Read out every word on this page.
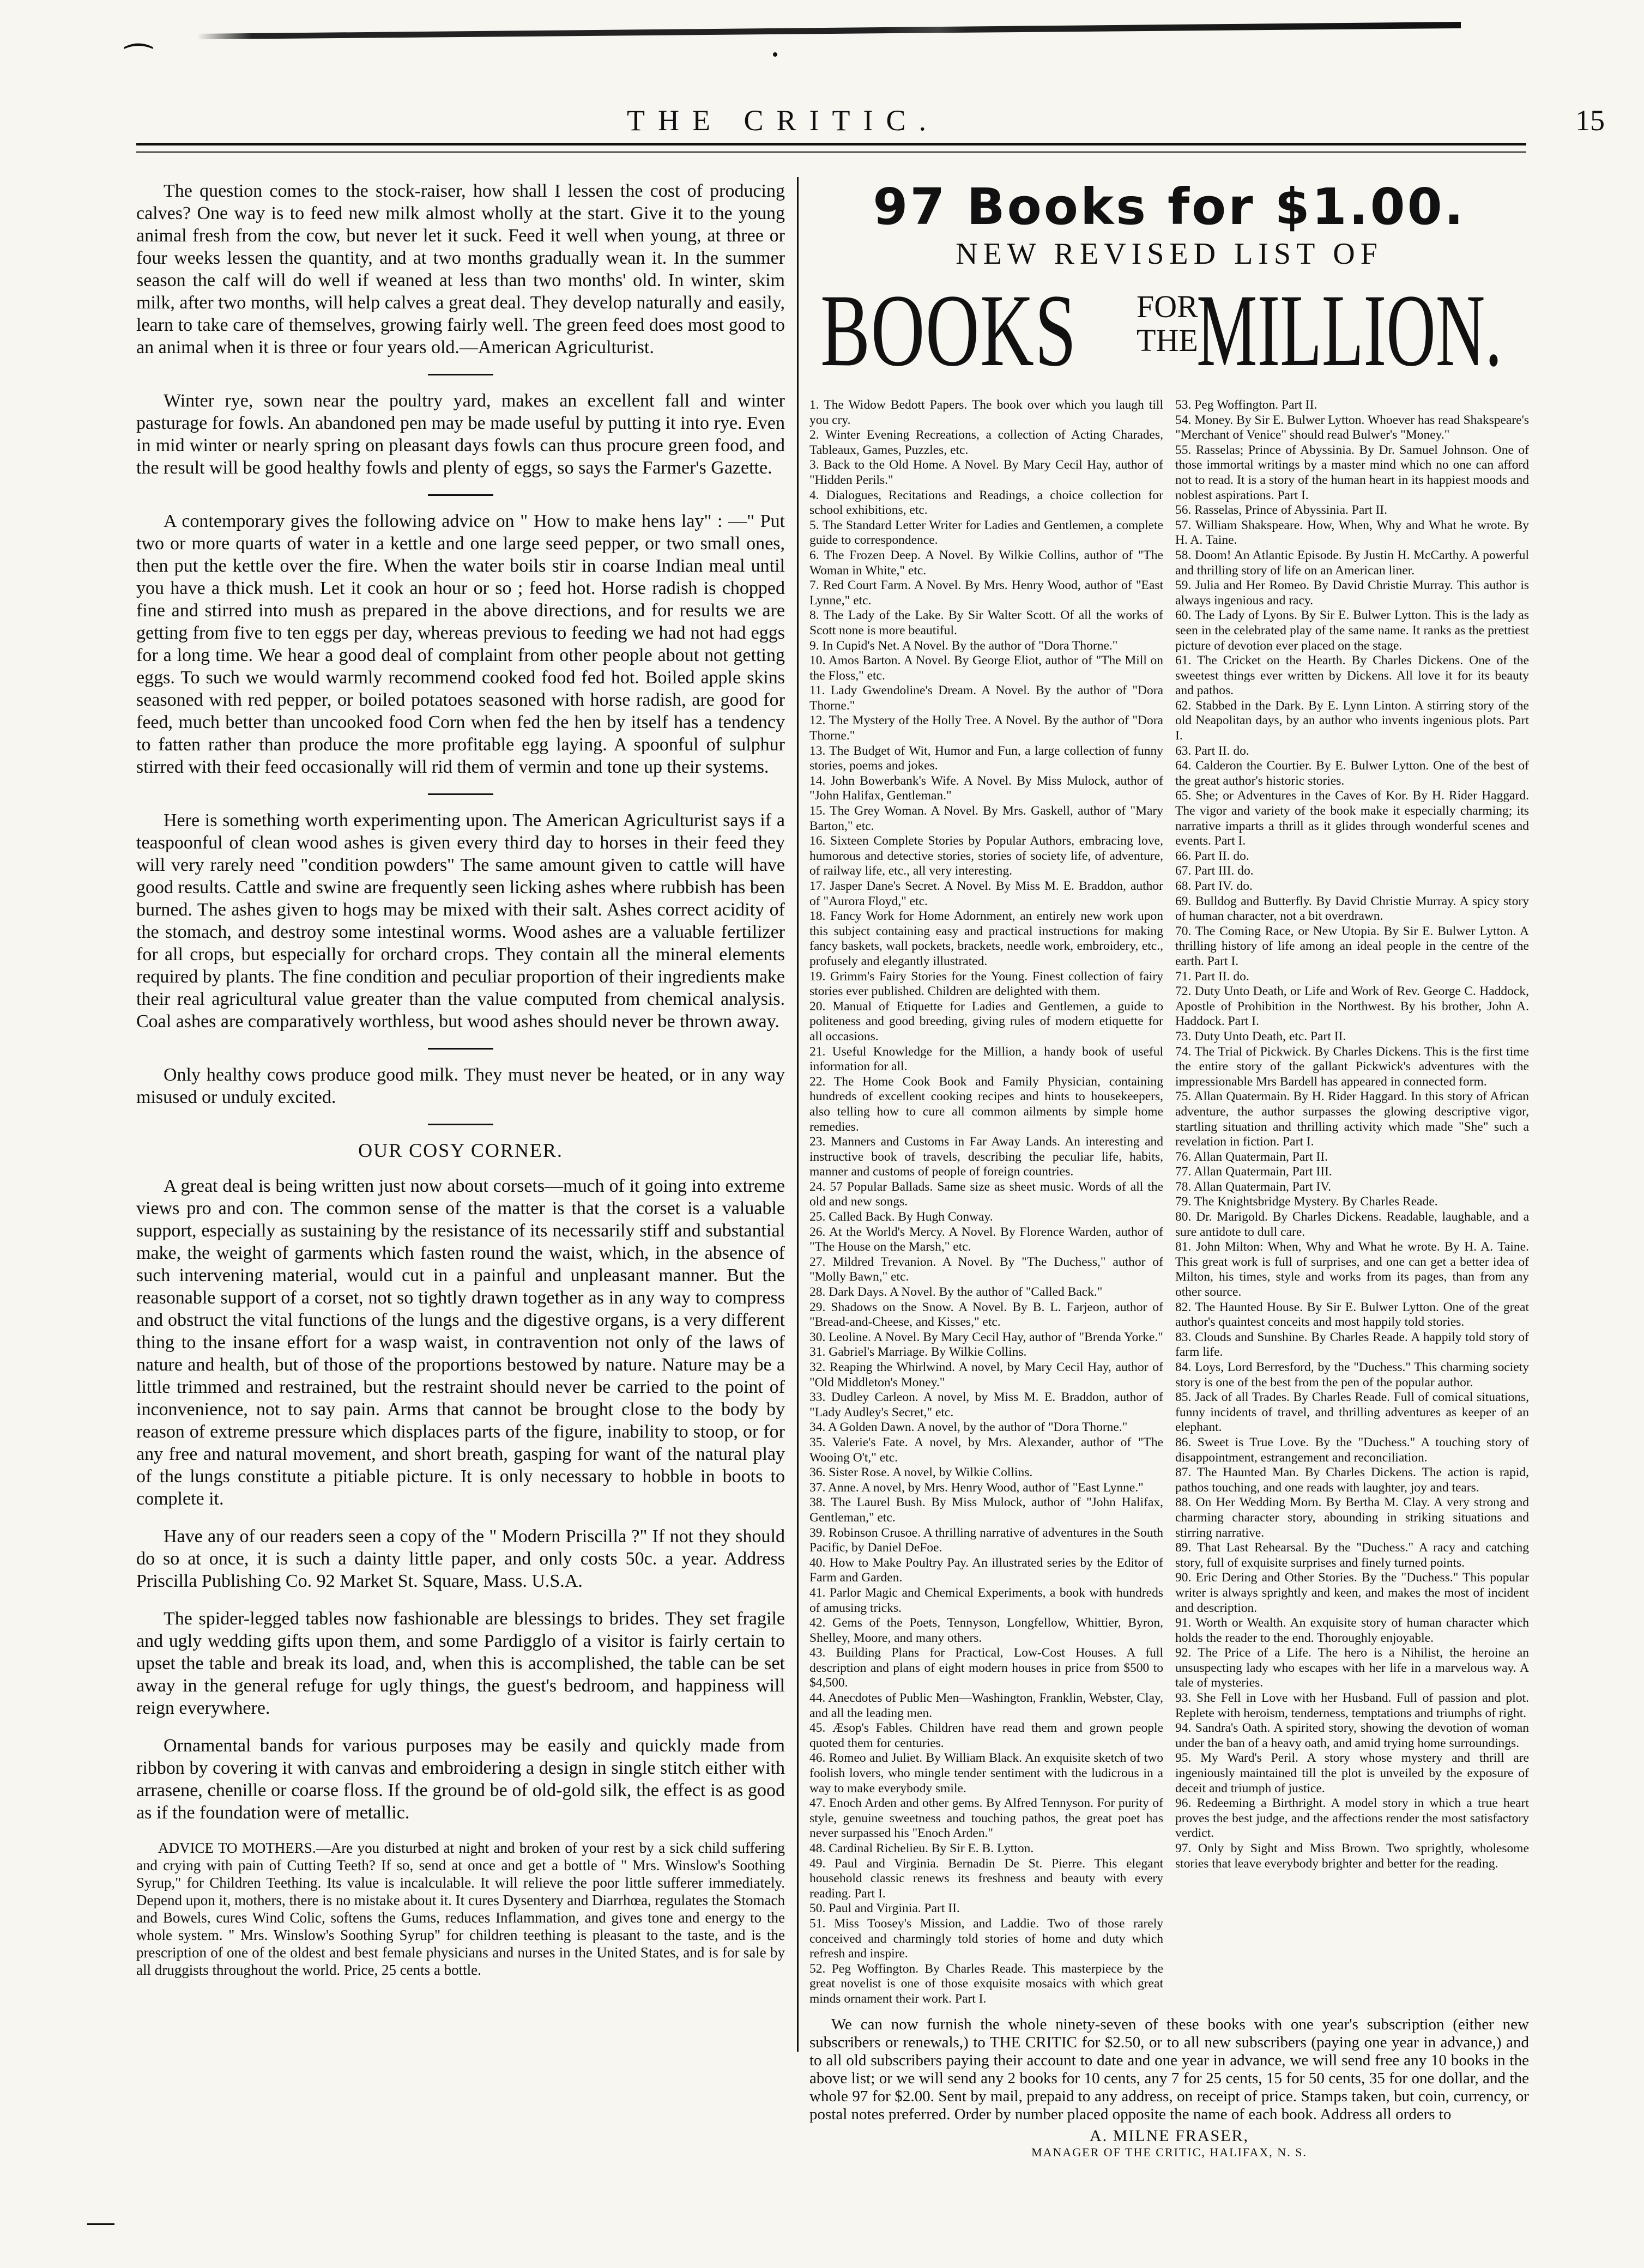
⁀
THE CRITIC.	15

The question comes to the stock-raiser, how shall I lessen the cost of producing calves? One way is to feed new milk almost wholly at the start. Give it to the young animal fresh from the cow, but never let it suck. Feed it well when young, at three or four weeks lessen the quantity, and at two months gradually wean it. In the summer season the calf will do well if weaned at less than two months' old. In winter, skim milk, after two months, will help calves a great deal. They develop naturally and easily, learn to take care of themselves, growing fairly well. The green feed does most good to an animal when it is three or four years old.—American Agriculturist.

Winter rye, sown near the poultry yard, makes an excellent fall and winter pasturage for fowls. An abandoned pen may be made useful by putting it into rye. Even in mid winter or nearly spring on pleasant days fowls can thus procure green food, and the result will be good healthy fowls and plenty of eggs, so says the Farmer's Gazette.

A contemporary gives the following advice on " How to make hens lay" : —" Put two or more quarts of water in a kettle and one large seed pepper, or two small ones, then put the kettle over the fire. When the water boils stir in coarse Indian meal until you have a thick mush. Let it cook an hour or so ; feed hot. Horse radish is chopped fine and stirred into mush as prepared in the above directions, and for results we are getting from five to ten eggs per day, whereas previous to feeding we had not had eggs for a long time. We hear a good deal of complaint from other people about not getting eggs. To such we would warmly recommend cooked food fed hot. Boiled apple skins seasoned with red pepper, or boiled potatoes seasoned with horse radish, are good for feed, much better than uncooked food Corn when fed the hen by itself has a tendency to fatten rather than produce the more profitable egg laying. A spoonful of sulphur stirred with their feed occasionally will rid them of vermin and tone up their systems.

Here is something worth experimenting upon. The American Agriculturist says if a teaspoonful of clean wood ashes is given every third day to horses in their feed they will very rarely need "condition powders" The same amount given to cattle will have good results. Cattle and swine are frequently seen licking ashes where rubbish has been burned. The ashes given to hogs may be mixed with their salt. Ashes correct acidity of the stomach, and destroy some intestinal worms. Wood ashes are a valuable fertilizer for all crops, but especially for orchard crops. They contain all the mineral elements required by plants. The fine condition and peculiar proportion of their ingredients make their real agricultural value greater than the value computed from chemical analysis. Coal ashes are comparatively worthless, but wood ashes should never be thrown away.

Only healthy cows produce good milk. They must never be heated, or in any way misused or unduly excited.

OUR COSY CORNER.

A great deal is being written just now about corsets—much of it going into extreme views pro and con. The common sense of the matter is that the corset is a valuable support, especially as sustaining by the resistance of its necessarily stiff and substantial make, the weight of garments which fasten round the waist, which, in the absence of such intervening material, would cut in a painful and unpleasant manner. But the reasonable support of a corset, not so tightly drawn together as in any way to compress and obstruct the vital functions of the lungs and the digestive organs, is a very different thing to the insane effort for a wasp waist, in contravention not only of the laws of nature and health, but of those of the proportions bestowed by nature. Nature may be a little trimmed and restrained, but the restraint should never be carried to the point of inconvenience, not to say pain. Arms that cannot be brought close to the body by reason of extreme pressure which displaces parts of the figure, inability to stoop, or for any free and natural movement, and short breath, gasping for want of the natural play of the lungs constitute a pitiable picture. It is only necessary to hobble in boots to complete it.

Have any of our readers seen a copy of the " Modern Priscilla ?" If not they should do so at once, it is such a dainty little paper, and only costs 50c. a year. Address Priscilla Publishing Co. 92 Market St. Square, Mass. U.S.A.

The spider-legged tables now fashionable are blessings to brides. They set fragile and ugly wedding gifts upon them, and some Pardigglo of a visitor is fairly certain to upset the table and break its load, and, when this is accomplished, the table can be set away in the general refuge for ugly things, the guest's bedroom, and happiness will reign everywhere.

Ornamental bands for various purposes may be easily and quickly made from ribbon by covering it with canvas and embroidering a design in single stitch either with arrasene, chenille or coarse floss. If the ground be of old-gold silk, the effect is as good as if the foundation were of metallic.

ADVICE TO MOTHERS.—Are you disturbed at night and broken of your rest by a sick child suffering and crying with pain of Cutting Teeth? If so, send at once and get a bottle of " Mrs. Winslow's Soothing Syrup," for Children Teething. Its value is incalculable. It will relieve the poor little sufferer immediately. Depend upon it, mothers, there is no mistake about it. It cures Dysentery and Diarrhœa, regulates the Stomach and Bowels, cures Wind Colic, softens the Gums, reduces Inflammation, and gives tone and energy to the whole system. " Mrs. Winslow's Soothing Syrup" for children teething is pleasant to the taste, and is the prescription of one of the oldest and best female physicians and nurses in the United States, and is for sale by all druggists throughout the world. Price, 25 cents a bottle.

97 Books for $1.00.
NEW REVISED LIST OF
BOOKS FOR
THE
MILLION.
1. The Widow Bedott Papers. The book over which you laugh till you cry.
2. Winter Evening Recreations, a collection of Acting Charades, Tableaux, Games, Puzzles, etc.
3. Back to the Old Home. A Novel. By Mary Cecil Hay, author of "Hidden Perils."
4. Dialogues, Recitations and Readings, a choice collection for school exhibitions, etc.
5. The Standard Letter Writer for Ladies and Gentlemen, a complete guide to correspondence.
6. The Frozen Deep. A Novel. By Wilkie Collins, author of "The Woman in White," etc.
7. Red Court Farm. A Novel. By Mrs. Henry Wood, author of "East Lynne," etc.
8. The Lady of the Lake. By Sir Walter Scott. Of all the works of Scott none is more beautiful.
9. In Cupid's Net. A Novel. By the author of "Dora Thorne."
10. Amos Barton. A Novel. By George Eliot, author of "The Mill on the Floss," etc.
11. Lady Gwendoline's Dream. A Novel. By the author of "Dora Thorne."
12. The Mystery of the Holly Tree. A Novel. By the author of "Dora Thorne."
13. The Budget of Wit, Humor and Fun, a large collection of funny stories, poems and jokes.
14. John Bowerbank's Wife. A Novel. By Miss Mulock, author of "John Halifax, Gentleman."
15. The Grey Woman. A Novel. By Mrs. Gaskell, author of "Mary Barton," etc.
16. Sixteen Complete Stories by Popular Authors, embracing love, humorous and detective stories, stories of society life, of adventure, of railway life, etc., all very interesting.
17. Jasper Dane's Secret. A Novel. By Miss M. E. Braddon, author of "Aurora Floyd," etc.
18. Fancy Work for Home Adornment, an entirely new work upon this subject containing easy and practical instructions for making fancy baskets, wall pockets, brackets, needle work, embroidery, etc., profusely and elegantly illustrated.
19. Grimm's Fairy Stories for the Young. Finest collection of fairy stories ever published. Children are delighted with them.
20. Manual of Etiquette for Ladies and Gentlemen, a guide to politeness and good breeding, giving rules of modern etiquette for all occasions.
21. Useful Knowledge for the Million, a handy book of useful information for all.
22. The Home Cook Book and Family Physician, containing hundreds of excellent cooking recipes and hints to housekeepers, also telling how to cure all common ailments by simple home remedies.
23. Manners and Customs in Far Away Lands. An interesting and instructive book of travels, describing the peculiar life, habits, manner and customs of people of foreign countries.
24. 57 Popular Ballads. Same size as sheet music. Words of all the old and new songs.
25. Called Back. By Hugh Conway.
26. At the World's Mercy. A Novel. By Florence Warden, author of "The House on the Marsh," etc.
27. Mildred Trevanion. A Novel. By "The Duchess," author of "Molly Bawn," etc.
28. Dark Days. A Novel. By the author of "Called Back."
29. Shadows on the Snow. A Novel. By B. L. Farjeon, author of "Bread-and-Cheese, and Kisses," etc.
30. Leoline. A Novel. By Mary Cecil Hay, author of "Brenda Yorke."
31. Gabriel's Marriage. By Wilkie Collins.
32. Reaping the Whirlwind. A novel, by Mary Cecil Hay, author of "Old Middleton's Money."
33. Dudley Carleon. A novel, by Miss M. E. Braddon, author of "Lady Audley's Secret," etc.
34. A Golden Dawn. A novel, by the author of "Dora Thorne."
35. Valerie's Fate. A novel, by Mrs. Alexander, author of "The Wooing O't," etc.
36. Sister Rose. A novel, by Wilkie Collins.
37. Anne. A novel, by Mrs. Henry Wood, author of "East Lynne."
38. The Laurel Bush. By Miss Mulock, author of "John Halifax, Gentleman," etc.
39. Robinson Crusoe. A thrilling narrative of adventures in the South Pacific, by Daniel DeFoe.
40. How to Make Poultry Pay. An illustrated series by the Editor of Farm and Garden.
41. Parlor Magic and Chemical Experiments, a book with hundreds of amusing tricks.
42. Gems of the Poets, Tennyson, Longfellow, Whittier, Byron, Shelley, Moore, and many others.
43. Building Plans for Practical, Low-Cost Houses. A full description and plans of eight modern houses in price from $500 to $4,500.
44. Anecdotes of Public Men—Washington, Franklin, Webster, Clay, and all the leading men.
45. Æsop's Fables. Children have read them and grown people quoted them for centuries.
46. Romeo and Juliet. By William Black. An exquisite sketch of two foolish lovers, who mingle tender sentiment with the ludicrous in a way to make everybody smile.
47. Enoch Arden and other gems. By Alfred Tennyson. For purity of style, genuine sweetness and touching pathos, the great poet has never surpassed his "Enoch Arden."
48. Cardinal Richelieu. By Sir E. B. Lytton.
49. Paul and Virginia. Bernadin De St. Pierre. This elegant household classic renews its freshness and beauty with every reading. Part I.
50. Paul and Virginia. Part II.
51. Miss Toosey's Mission, and Laddie. Two of those rarely conceived and charmingly told stories of home and duty which refresh and inspire.
52. Peg Woffington. By Charles Reade. This masterpiece by the great novelist is one of those exquisite mosaics with which great minds ornament their work. Part I.
53. Peg Woffington. Part II.
54. Money. By Sir E. Bulwer Lytton. Whoever has read Shakspeare's "Merchant of Venice" should read Bulwer's "Money."
55. Rasselas; Prince of Abyssinia. By Dr. Samuel Johnson. One of those immortal writings by a master mind which no one can afford not to read. It is a story of the human heart in its happiest moods and noblest aspirations. Part I.
56. Rasselas, Prince of Abyssinia. Part II.
57. William Shakspeare. How, When, Why and What he wrote. By H. A. Taine.
58. Doom! An Atlantic Episode. By Justin H. McCarthy. A powerful and thrilling story of life on an American liner.
59. Julia and Her Romeo. By David Christie Murray. This author is always ingenious and racy.
60. The Lady of Lyons. By Sir E. Bulwer Lytton. This is the lady as seen in the celebrated play of the same name. It ranks as the prettiest picture of devotion ever placed on the stage.
61. The Cricket on the Hearth. By Charles Dickens. One of the sweetest things ever written by Dickens. All love it for its beauty and pathos.
62. Stabbed in the Dark. By E. Lynn Linton. A stirring story of the old Neapolitan days, by an author who invents ingenious plots. Part I.
63. Part II. do.
64. Calderon the Courtier. By E. Bulwer Lytton. One of the best of the great author's historic stories.
65. She; or Adventures in the Caves of Kor. By H. Rider Haggard. The vigor and variety of the book make it especially charming; its narrative imparts a thrill as it glides through wonderful scenes and events. Part I.
66. Part II. do.
67. Part III. do.
68. Part IV. do.
69. Bulldog and Butterfly. By David Christie Murray. A spicy story of human character, not a bit overdrawn.
70. The Coming Race, or New Utopia. By Sir E. Bulwer Lytton. A thrilling history of life among an ideal people in the centre of the earth. Part I.
71. Part II. do.
72. Duty Unto Death, or Life and Work of Rev. George C. Haddock, Apostle of Prohibition in the Northwest. By his brother, John A. Haddock. Part I.
73. Duty Unto Death, etc. Part II.
74. The Trial of Pickwick. By Charles Dickens. This is the first time the entire story of the gallant Pickwick's adventures with the impressionable Mrs Bardell has appeared in connected form.
75. Allan Quatermain. By H. Rider Haggard. In this story of African adventure, the author surpasses the glowing descriptive vigor, startling situation and thrilling activity which made "She" such a revelation in fiction. Part I.
76. Allan Quatermain, Part II.
77. Allan Quatermain, Part III.
78. Allan Quatermain, Part IV.
79. The Knightsbridge Mystery. By Charles Reade.
80. Dr. Marigold. By Charles Dickens. Readable, laughable, and a sure antidote to dull care.
81. John Milton: When, Why and What he wrote. By H. A. Taine. This great work is full of surprises, and one can get a better idea of Milton, his times, style and works from its pages, than from any other source.
82. The Haunted House. By Sir E. Bulwer Lytton. One of the great author's quaintest conceits and most happily told stories.
83. Clouds and Sunshine. By Charles Reade. A happily told story of farm life.
84. Loys, Lord Berresford, by the "Duchess." This charming society story is one of the best from the pen of the popular author.
85. Jack of all Trades. By Charles Reade. Full of comical situations, funny incidents of travel, and thrilling adventures as keeper of an elephant.
86. Sweet is True Love. By the "Duchess." A touching story of disappointment, estrangement and reconciliation.
87. The Haunted Man. By Charles Dickens. The action is rapid, pathos touching, and one reads with laughter, joy and tears.
88. On Her Wedding Morn. By Bertha M. Clay. A very strong and charming character story, abounding in striking situations and stirring narrative.
89. That Last Rehearsal. By the "Duchess." A racy and catching story, full of exquisite surprises and finely turned points.
90. Eric Dering and Other Stories. By the "Duchess." This popular writer is always sprightly and keen, and makes the most of incident and description.
91. Worth or Wealth. An exquisite story of human character which holds the reader to the end. Thoroughly enjoyable.
92. The Price of a Life. The hero is a Nihilist, the heroine an unsuspecting lady who escapes with her life in a marvelous way. A tale of mysteries.
93. She Fell in Love with her Husband. Full of passion and plot. Replete with heroism, tenderness, temptations and triumphs of right.
94. Sandra's Oath. A spirited story, showing the devotion of woman under the ban of a heavy oath, and amid trying home surroundings.
95. My Ward's Peril. A story whose mystery and thrill are ingeniously maintained till the plot is unveiled by the exposure of deceit and triumph of justice.
96. Redeeming a Birthright. A model story in which a true heart proves the best judge, and the affections render the most satisfactory verdict.
97. Only by Sight and Miss Brown. Two sprightly, wholesome stories that leave everybody brighter and better for the reading.
We can now furnish the whole ninety-seven of these books with one year's subscription (either new subscribers or renewals,) to THE CRITIC for $2.50, or to all new subscribers (paying one year in advance,) and to all old subscribers paying their account to date and one year in advance, we will send free any 10 books in the above list; or we will send any 2 books for 10 cents, any 7 for 25 cents, 15 for 50 cents, 35 for one dollar, and the whole 97 for $2.00. Sent by mail, prepaid to any address, on receipt of price. Stamps taken, but coin, currency, or postal notes preferred. Order by number placed opposite the name of each book. Address all orders to
A. MILNE FRASER,
MANAGER OF THE CRITIC, HALIFAX, N. S.
